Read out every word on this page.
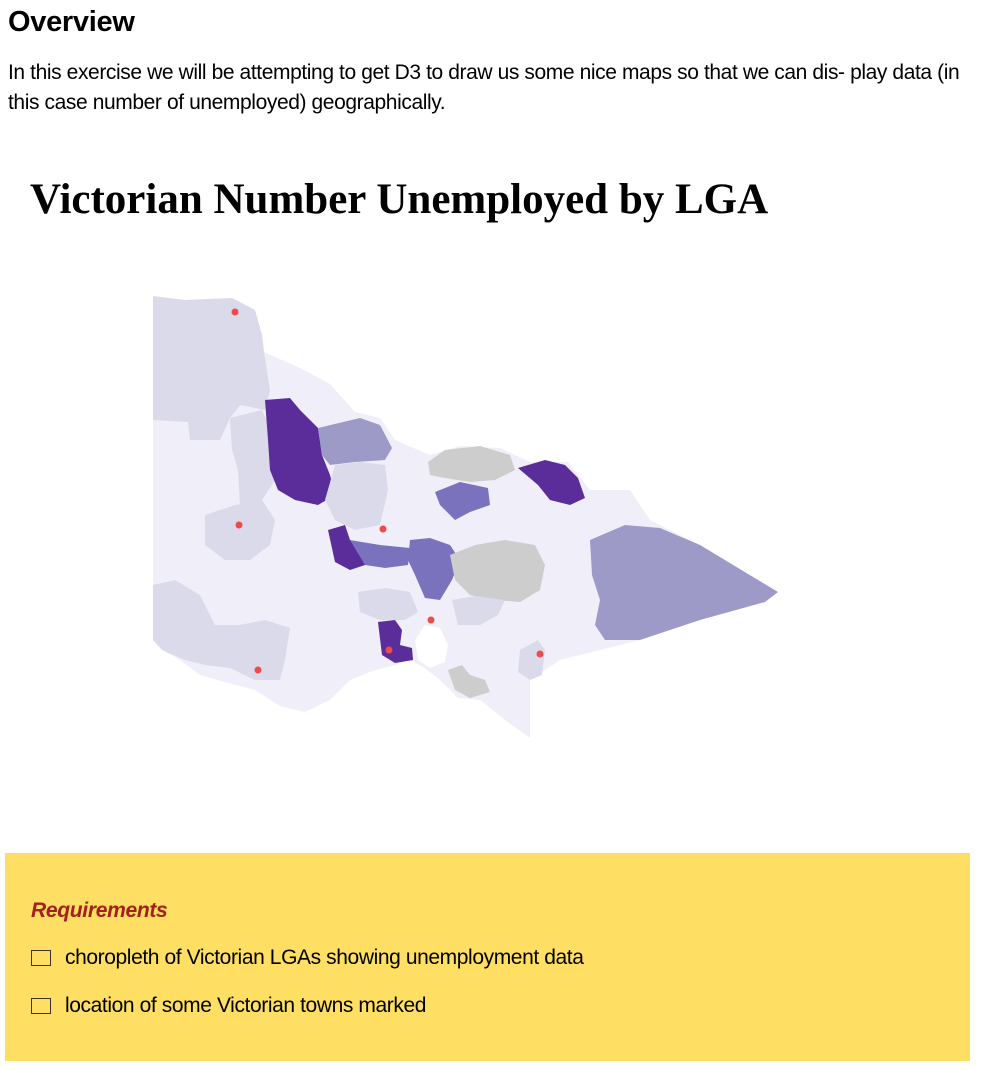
Overview

In this exercise we will be attempting to get D3 to draw us some nice maps so that we can dis- play data (in this case number of unemployed) geographically.

Victorian Number Unemployed by LGA
Requirements
choropleth of Victorian LGAs showing unemployment data
location of some Victorian towns marked
